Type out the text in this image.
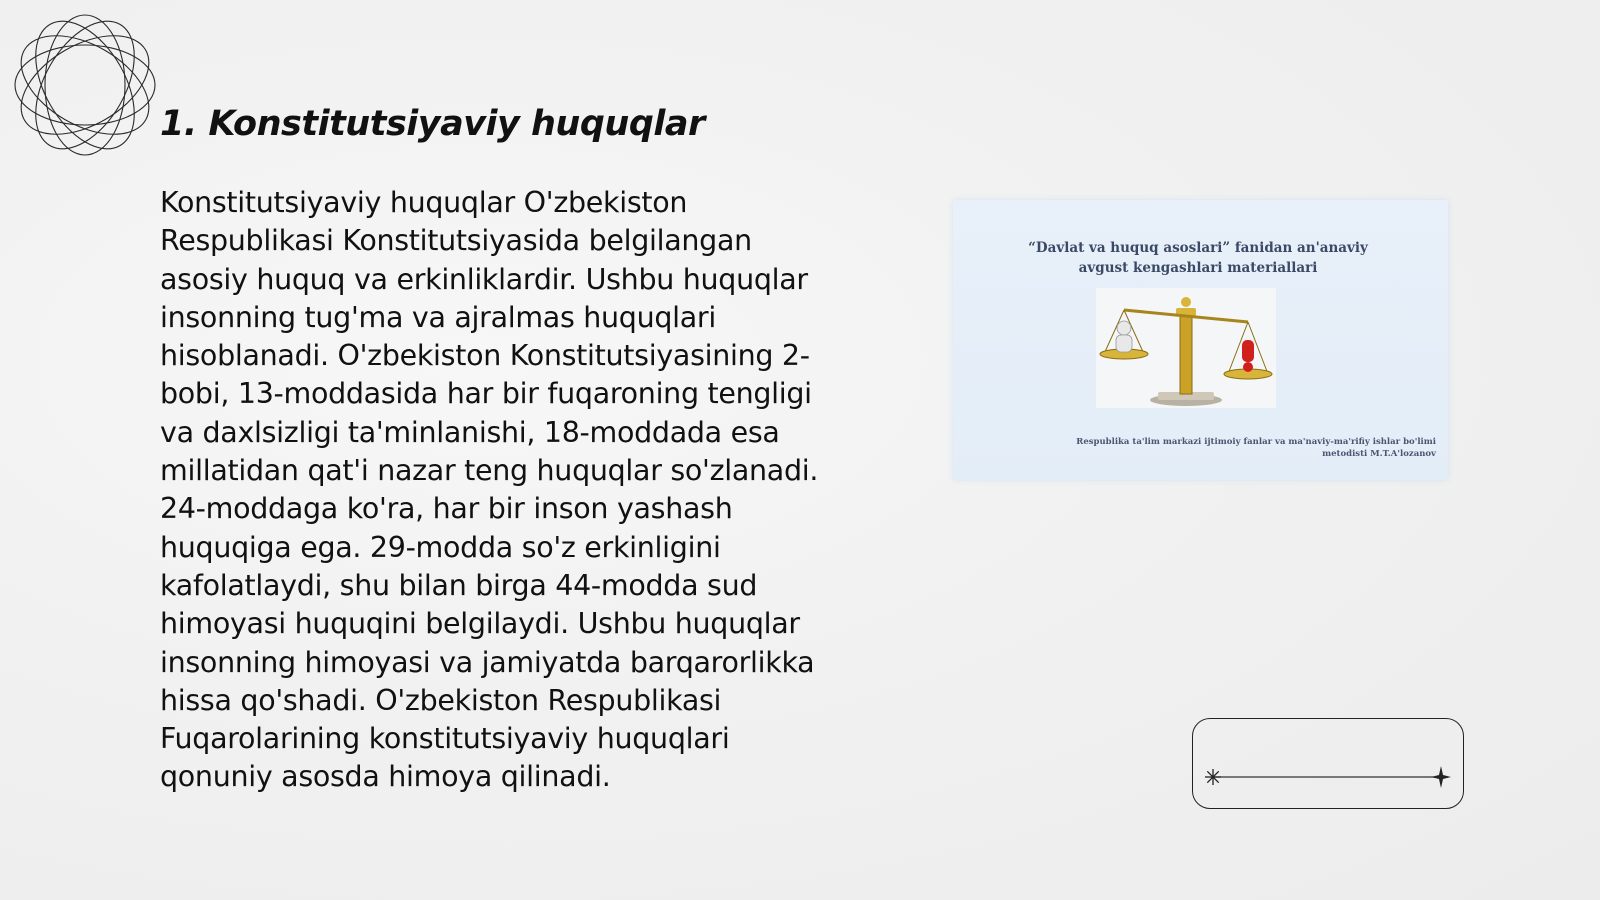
1. Konstitutsiyaviy huquqlar

Konstitutsiyaviy huquqlar O'zbekiston Respublikasi Konstitutsiyasida belgilangan asosiy huquq va erkinliklardir. Ushbu huquqlar insonning tug'ma va ajralmas huquqlari hisoblanadi. O'zbekiston Konstitutsiyasining 2-bobi, 13-moddasida har bir fuqaroning tengligi va daxlsizligi ta'minlanishi, 18-moddada esa millatidan qat'i nazar teng huquqlar so'zlanadi. 24-moddaga ko'ra, har bir inson yashash huquqiga ega. 29-modda so'z erkinligini kafolatlaydi, shu bilan birga 44-modda sud himoyasi huquqini belgilaydi. Ushbu huquqlar insonning himoyasi va jamiyatda barqarorlikka hissa qo'shadi. O'zbekiston Respublikasi Fuqarolarining konstitutsiyaviy huquqlari qonuniy asosda himoya qilinadi.

“Davlat va huquq asoslari” fanidan an'anaviy
avgust kengashlari materiallari

Respublika ta'lim markazi ijtimoiy fanlar va ma'naviy-ma'rifiy ishlar bo'limi
metodisti M.T.A'lozanov
